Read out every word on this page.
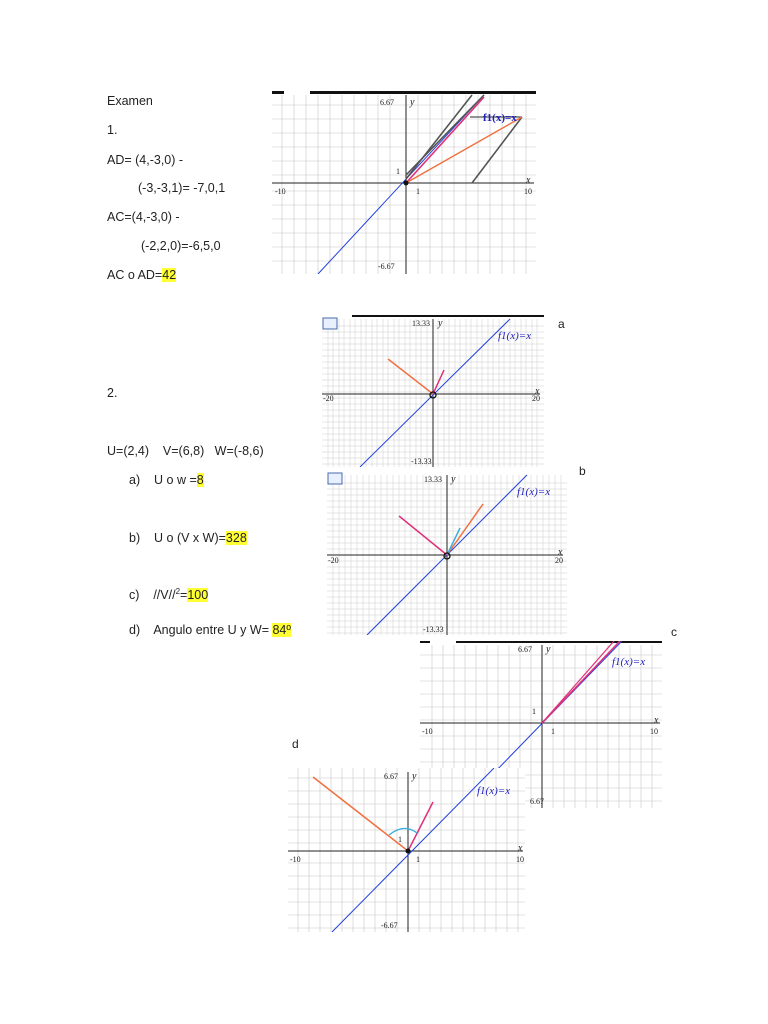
Examen
1.
AD= (4,-3,0) -
(-3,-3,1)= -7,0,1
AC=(4,-3,0) -
(-2,2,0)=-6,5,0
AC o AD=42
2.
U=(2,4)    V=(6,8)   W=(-8,6)
a) U o w =8
b) U o (V x W)=328
c) //V//$^2$=100
d) Angulo entre U y W= 84º
a
b
c
d
6.67 y
-6.67
-10	10
x
1
1
f1(x)=x
13.33 y
-13.33
-20	20
x
f1(x)=x
13.33 y
-13.33
-20	20
x
f1(x)=x
6.67 y
6.67
-10	10
x
1
1
f1(x)=x
6.67 y
-6.67
-10	10
x
1
1
f1(x)=x
